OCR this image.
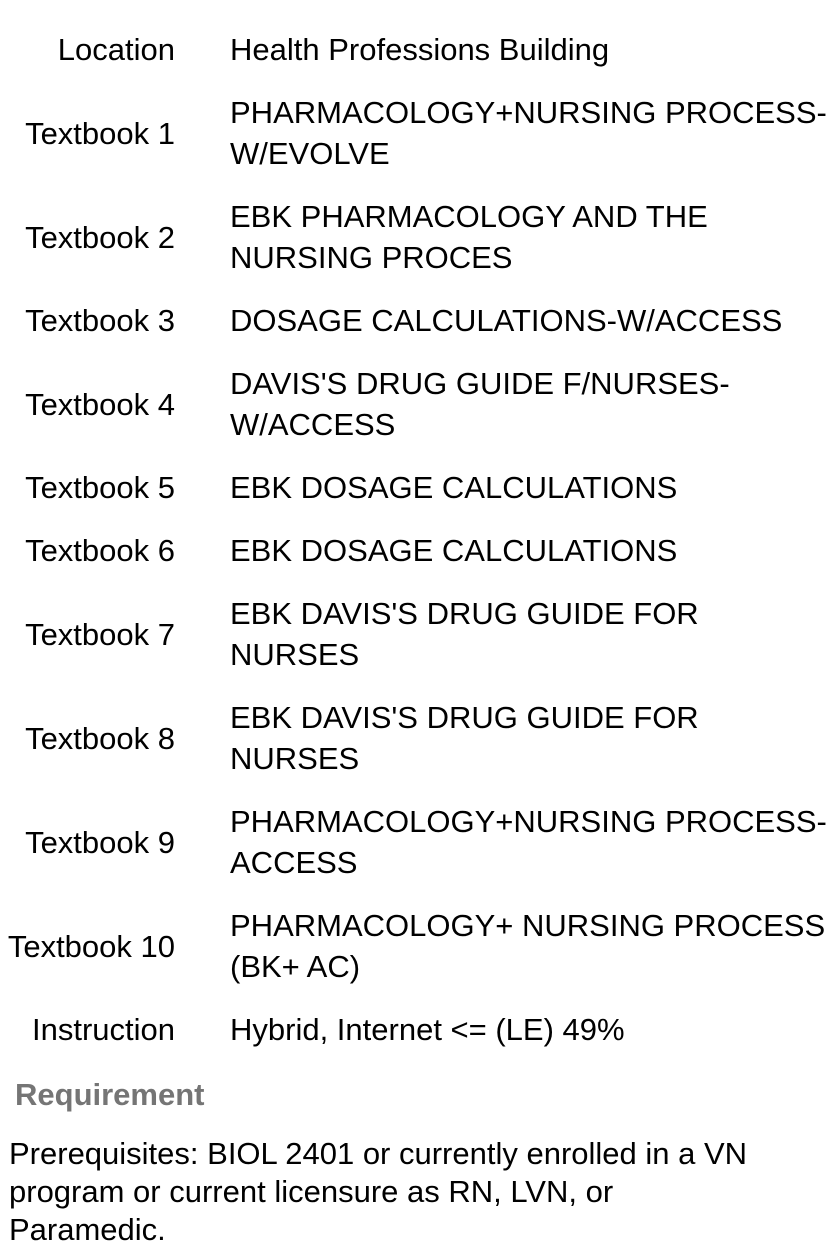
Location Health Professions Building
Textbook 1
PHARMACOLOGY+NURSING PROCESS-W/EVOLVE
Textbook 2
EBK PHARMACOLOGY AND THE NURSING PROCES
Textbook 3 DOSAGE CALCULATIONS-W/ACCESS
Textbook 4
DAVIS'S DRUG GUIDE F/NURSES-W/ACCESS
Textbook 5 EBK DOSAGE CALCULATIONS
Textbook 6 EBK DOSAGE CALCULATIONS
Textbook 7
EBK DAVIS'S DRUG GUIDE FOR NURSES
Textbook 8
EBK DAVIS'S DRUG GUIDE FOR NURSES
Textbook 9
PHARMACOLOGY+NURSING PROCESS-ACCESS
Textbook 10
PHARMACOLOGY+ NURSING PROCESS (BK+ AC)
Instruction Hybrid, Internet <= (LE) 49%
Requirement

Prerequisites: BIOL 2401 or currently enrolled in a VN program or current licensure as RN, LVN, or Paramedic.
